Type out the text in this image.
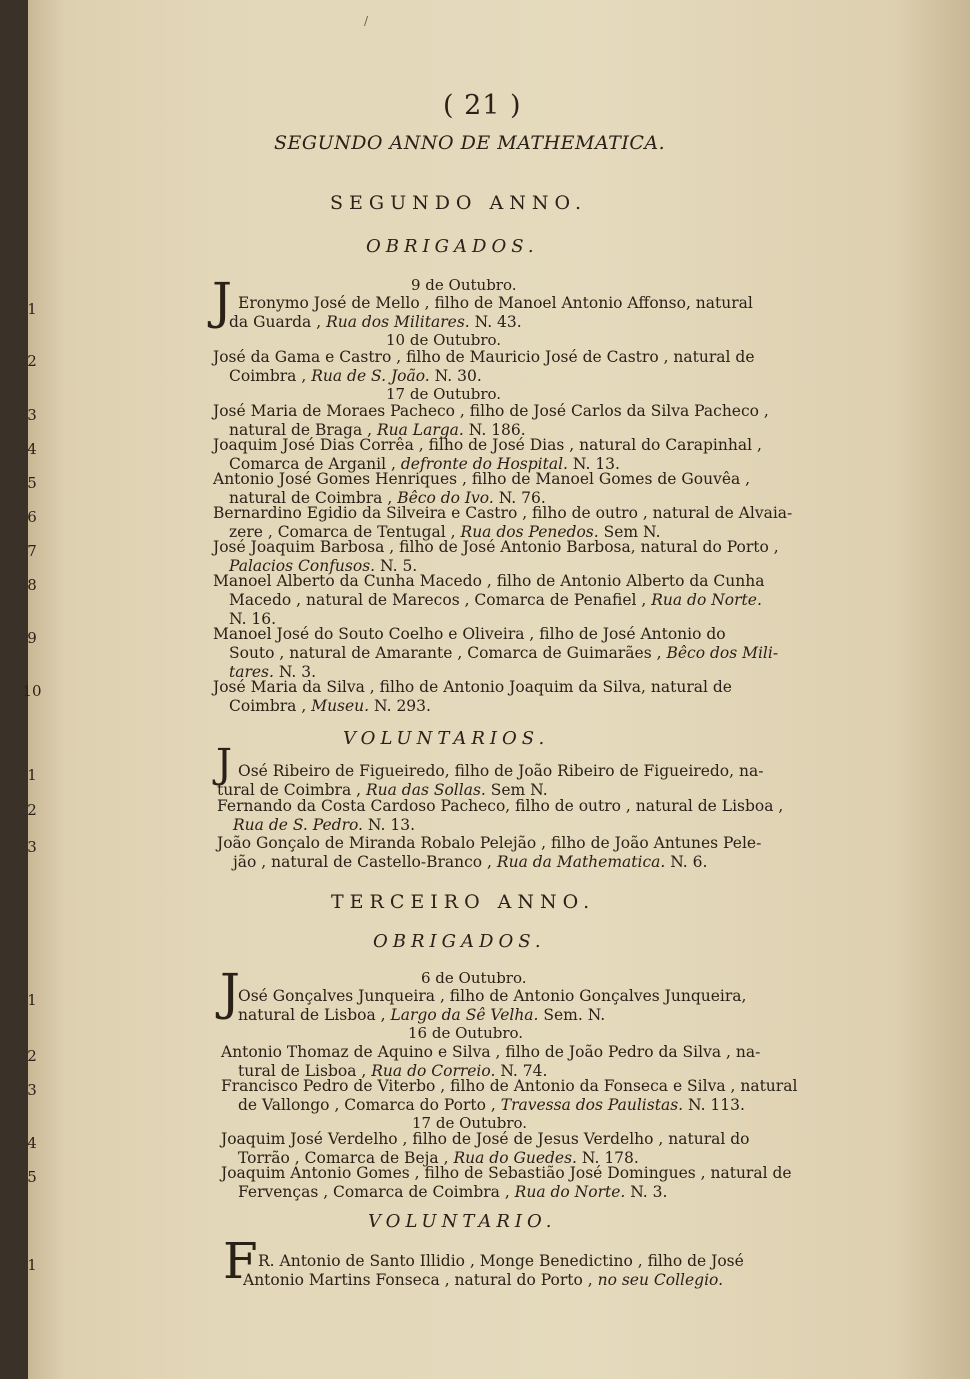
( 21 )
SEGUNDO ANNO DE MATHEMATICA.
/
SEGUNDO ANNO.
OBRIGADOS.
9 de Outubro.
1	J Eronymo José de Mello , filho de Manoel Antonio Affonso, natural
da Guarda , Rua dos Militares. N. 43.
10 de Outubro.
2	José da Gama e Castro , filho de Mauricio José de Castro , natural de
Coimbra , Rua de S. João. N. 30.
17 de Outubro.
3	José Maria de Moraes Pacheco , filho de José Carlos da Silva Pacheco ,
natural de Braga , Rua Larga. N. 186.
4	Joaquim José Dias Corrêa , filho de José Dias , natural do Carapinhal ,
Comarca de Arganil , defronte do Hospital. N. 13.
5	Antonio José Gomes Henriques , filho de Manoel Gomes de Gouvêa ,
natural de Coimbra , Bêco do Ivo. N. 76.
6	Bernardino Egidio da Silveira e Castro , filho de outro , natural de Alvaia-
zere , Comarca de Tentugal , Rua dos Penedos. Sem N.
7	José Joaquim Barbosa , filho de José Antonio Barbosa, natural do Porto ,
Palacios Confusos. N. 5.
8	Manoel Alberto da Cunha Macedo , filho de Antonio Alberto da Cunha
Macedo , natural de Marecos , Comarca de Penafiel , Rua do Norte.
N. 16.
9	Manoel José do Souto Coelho e Oliveira , filho de José Antonio do
Souto , natural de Amarante , Comarca de Guimarães , Bêco dos Mili-
tares. N. 3.
10	José Maria da Silva , filho de Antonio Joaquim da Silva, natural de
Coimbra , Museu. N. 293.
VOLUNTARIOS.
1	J Osé Ribeiro de Figueiredo, filho de João Ribeiro de Figueiredo, na-
tural de Coimbra , Rua das Sollas. Sem N.
2	Fernando da Costa Cardoso Pacheco, filho de outro , natural de Lisboa ,
Rua de S. Pedro. N. 13.
3	João Gonçalo de Miranda Robalo Pelejão , filho de João Antunes Pele-
jão , natural de Castello-Branco , Rua da Mathematica. N. 6.
TERCEIRO ANNO.
OBRIGADOS.
6 de Outubro.
1	J
Osé Gonçalves Junqueira , filho de Antonio Gonçalves Junqueira,
natural de Lisboa , Largo da Sê Velha. Sem. N.
16 de Outubro.
2	Antonio Thomaz de Aquino e Silva , filho de João Pedro da Silva , na-
tural de Lisboa , Rua do Correio. N. 74.
3	Francisco Pedro de Viterbo , filho de Antonio da Fonseca e Silva , natural
de Vallongo , Comarca do Porto , Travessa dos Paulistas. N. 113.
17 de Outubro.
4	Joaquim José Verdelho , filho de José de Jesus Verdelho , natural do
Torrão , Comarca de Beja , Rua do Guedes. N. 178.
5	Joaquim Antonio Gomes , filho de Sebastião José Domingues , natural de
Fervenças , Comarca de Coimbra , Rua do Norte. N. 3.
VOLUNTARIO.
1	F R. Antonio de Santo Illidio , Monge Benedictino , filho de José
Antonio Martins Fonseca , natural do Porto , no seu Collegio.
